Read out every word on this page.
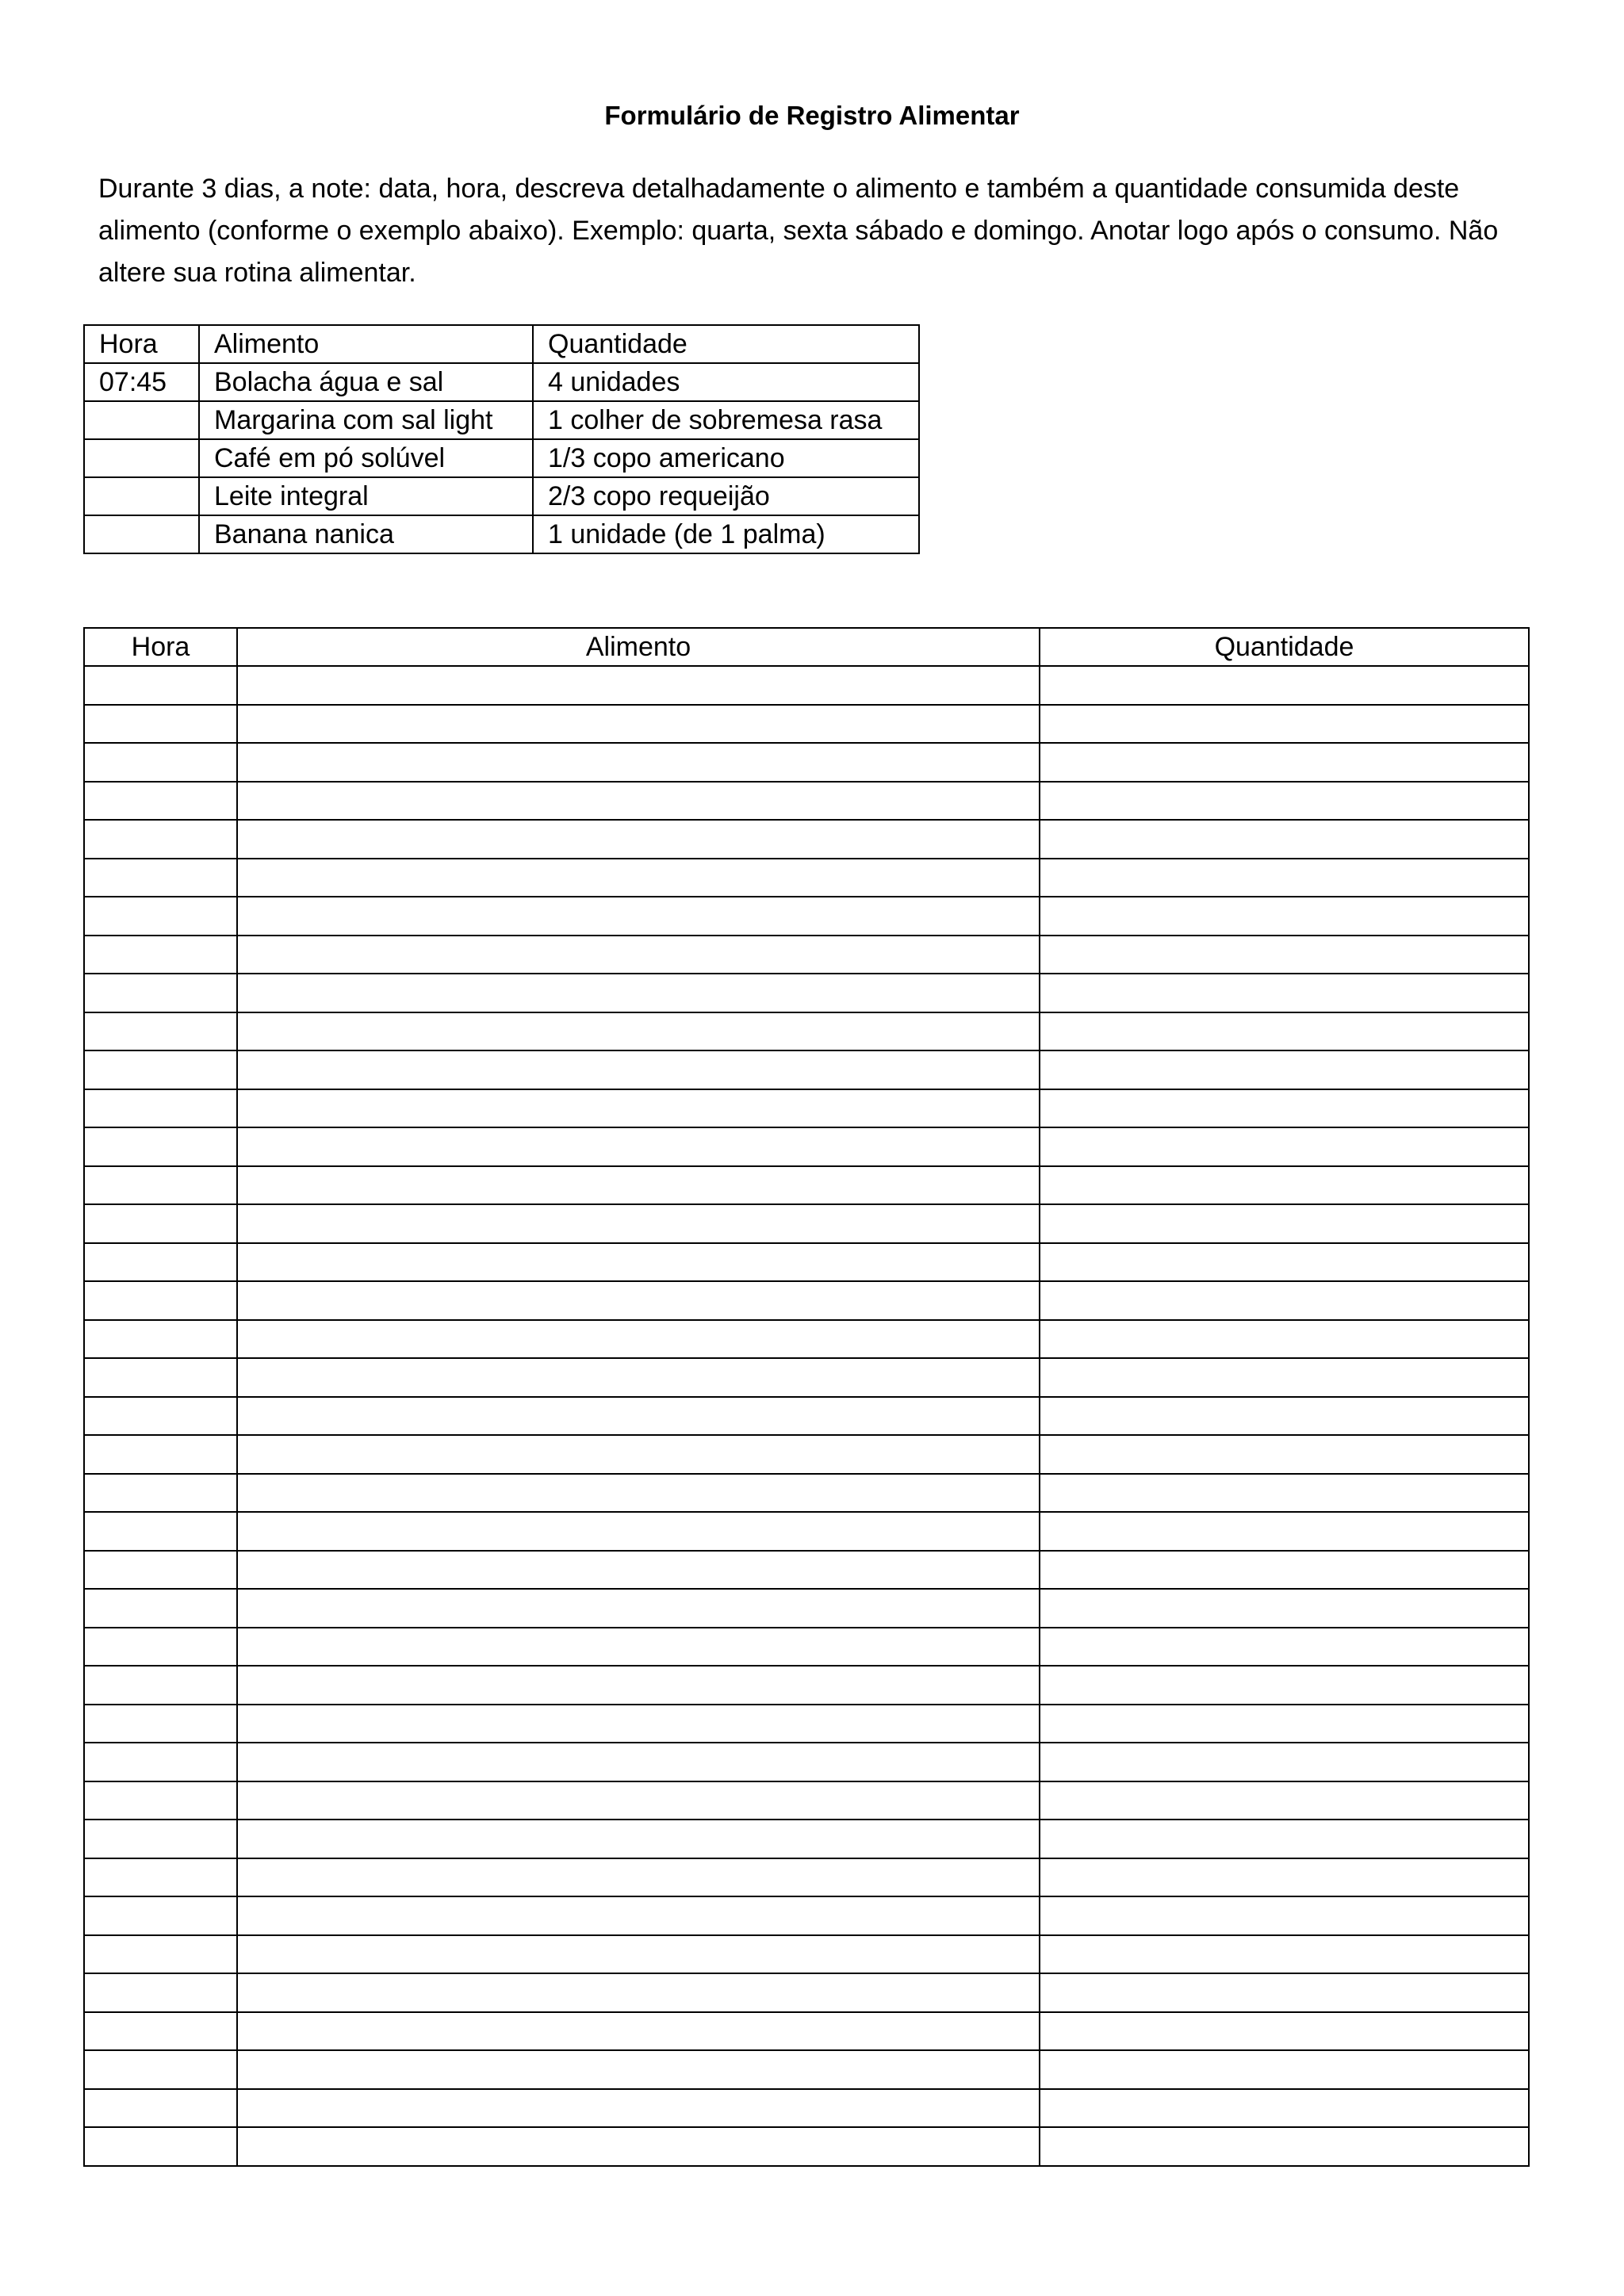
Formulário de Registro Alimentar

Durante 3 dias, a note: data, hora, descreva detalhadamente o alimento e também a quantidade consumida deste alimento (conforme o exemplo abaixo). Exemplo: quarta, sexta sábado e domingo. Anotar logo após o consumo. Não altere sua rotina alimentar.

Hora	Alimento	Quantidade
07:45	Bolacha água e sal	4 unidades
	Margarina com sal light	1 colher de sobremesa rasa
	Café em pó solúvel	1/3 copo americano
	Leite integral	2/3 copo requeijão
	Banana nanica	1 unidade (de 1 palma)
Hora	Alimento	Quantidade
